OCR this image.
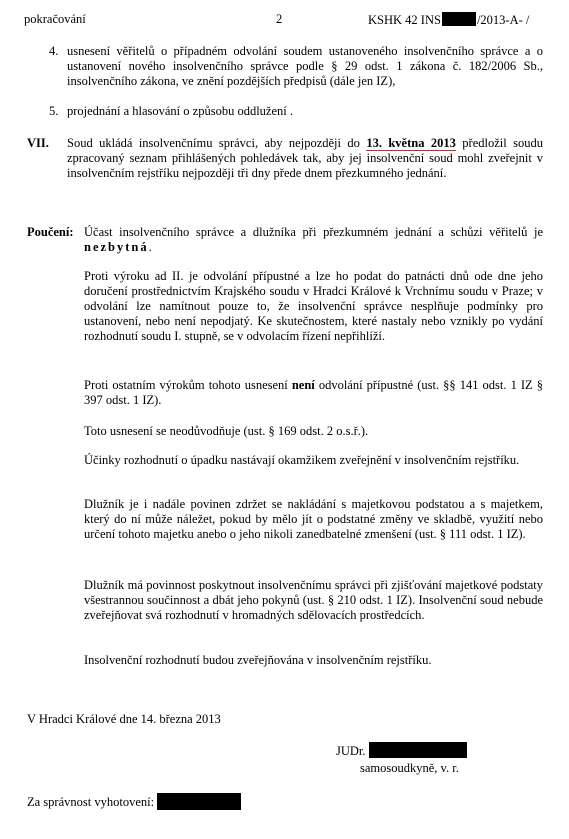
pokračování	2	KSHK 42 INS	/2013-A- /
4. usnesení věřitelů o případném odvolání soudem ustanoveného insolvenčního správce a o ustanovení nového insolvenčního správce podle § 29 odst. 1 zákona č. 182/2006 Sb., insolvenčního zákona, ve znění pozdějších předpisů (dále jen IZ),
5. projednání a hlasování o způsobu oddlužení .
VII. Soud ukládá insolvenčnímu správci, aby nejpozději do 13. května 2013 předložil soudu zpracovaný seznam přihlášených pohledávek tak, aby jej insolvenční soud mohl zveřejnit v insolvenčním rejstříku nejpozději tři dny přede dnem přezkumného jednání.
Poučení: Účast insolvenčního správce a dlužníka při přezkumném jednání a schůzi věřitelů je nezbytná.
Proti výroku ad II. je odvolání přípustné a lze ho podat do patnácti dnů ode dne jeho doručení prostřednictvím Krajského soudu v Hradci Králové k Vrchnímu soudu v Praze; v odvolání lze namítnout pouze to, že insolvenční správce nesplňuje podmínky pro ustanovení, nebo není nepodjatý. Ke skutečnostem, které nastaly nebo vznikly po vydání rozhodnutí soudu I. stupně, se v odvolacím řízení nepřihlíží.
Proti ostatním výrokům tohoto usnesení není odvolání přípustné (ust. §§ 141 odst. 1 IZ § 397 odst. 1 IZ).
Toto usnesení se neodůvodňuje (ust. § 169 odst. 2 o.s.ř.).
Účinky rozhodnutí o úpadku nastávají okamžikem zveřejnění v insolvenčním rejstříku.
Dlužník je i nadále povinen zdržet se nakládání s majetkovou podstatou a s majetkem, který do ní může náležet, pokud by mělo jít o podstatné změny ve skladbě, využití nebo určení tohoto majetku anebo o jeho nikoli zanedbatelné zmenšení (ust. § 111 odst. 1 IZ).
Dlužník má povinnost poskytnout insolvenčnímu správci při zjišťování majetkové podstaty všestrannou součinnost a dbát jeho pokynů (ust. § 210 odst. 1 IZ). Insolvenční soud nebude zveřejňovat svá rozhodnutí v hromadných sdělovacích prostředcích.
Insolvenční rozhodnutí budou zveřejňována v insolvenčním rejstříku.
V Hradci Králové dne 14. března 2013
JUDr.
samosoudkyně, v. r.
Za správnost vyhotovení:
